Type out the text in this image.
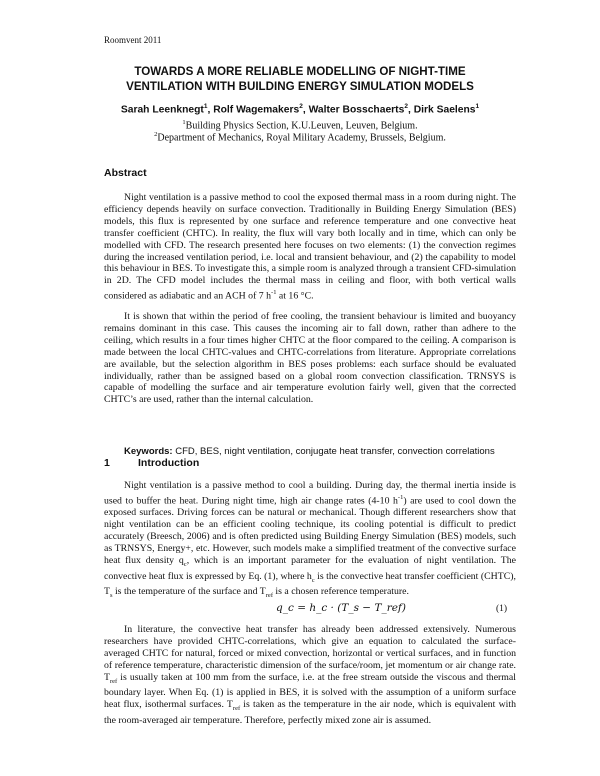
Roomvent 2011
TOWARDS A MORE RELIABLE MODELLING OF NIGHT-TIME
VENTILATION WITH BUILDING ENERGY SIMULATION MODELS
Sarah Leenknegt$^1$, Rolf Wagemakers$^2$, Walter Bosschaerts$^2$, Dirk Saelens$^1$
$^1$Building Physics Section, K.U.Leuven, Leuven, Belgium.
$^2$Department of Mechanics, Royal Military Academy, Brussels, Belgium.
Abstract

Night ventilation is a passive method to cool the exposed thermal mass in a room during night. The efficiency depends heavily on surface convection. Traditionally in Building Energy Simulation (BES) models, this flux is represented by one surface and reference temperature and one convective heat transfer coefficient (CHTC). In reality, the flux will vary both locally and in time, which can only be modelled with CFD. The research presented here focuses on two elements: (1) the convection regimes during the increased ventilation period, i.e. local and transient behaviour, and (2) the capability to model this behaviour in BES. To investigate this, a simple room is analyzed through a transient CFD-simulation in 2D. The CFD model includes the thermal mass in ceiling and floor, with both vertical walls considered as adiabatic and an ACH of 7 $h^{-1}$ at 16 °C.

It is shown that within the period of free cooling, the transient behaviour is limited and buoyancy remains dominant in this case. This causes the incoming air to fall down, rather than adhere to the ceiling, which results in a four times higher CHTC at the floor compared to the ceiling. A comparison is made between the local CHTC-values and CHTC-correlations from literature. Appropriate correlations are available, but the selection algorithm in BES poses problems: each surface should be evaluated individually, rather than be assigned based on a global room convection classification. TRNSYS is capable of modelling the surface and air temperature evolution fairly well, given that the corrected CHTC’s are used, rather than the internal calculation.

Keywords: CFD, BES, night ventilation, conjugate heat transfer, convection correlations
1	Introduction

Night ventilation is a passive method to cool a building. During day, the thermal inertia inside is used to buffer the heat. During night time, high air change rates (4-10 $h^{-1}$) are used to cool down the exposed surfaces. Driving forces can be natural or mechanical. Though different researchers show that night ventilation can be an efficient cooling technique, its cooling potential is difficult to predict accurately (Breesch, 2006) and is often predicted using Building Energy Simulation (BES) models, such as TRNSYS, Energy+, etc. However, such models make a simplified treatment of the convective surface heat flux density $q_c$, which is an important parameter for the evaluation of night ventilation. The convective heat flux is expressed by Eq. (1), where $h_c$ is the convective heat transfer coefficient (CHTC), $T_s$ is the temperature of the surface and $T_{ref}$ is a chosen reference temperature.

q_c = h_c · (T_s − T_ref)	(1)

In literature, the convective heat transfer has already been addressed extensively. Numerous researchers have provided CHTC-correlations, which give an equation to calculated the surface-averaged CHTC for natural, forced or mixed convection, horizontal or vertical surfaces, and in function of reference temperature, characteristic dimension of the surface/room, jet momentum or air change rate. $T_{ref}$ is usually taken at 100 mm from the surface, i.e. at the free stream outside the viscous and thermal boundary layer. When Eq. (1) is applied in BES, it is solved with the assumption of a uniform surface heat flux, isothermal surfaces. $T_{ref}$ is taken as the temperature in the air node, which is equivalent with the room-averaged air temperature. Therefore, perfectly mixed zone air is assumed.
